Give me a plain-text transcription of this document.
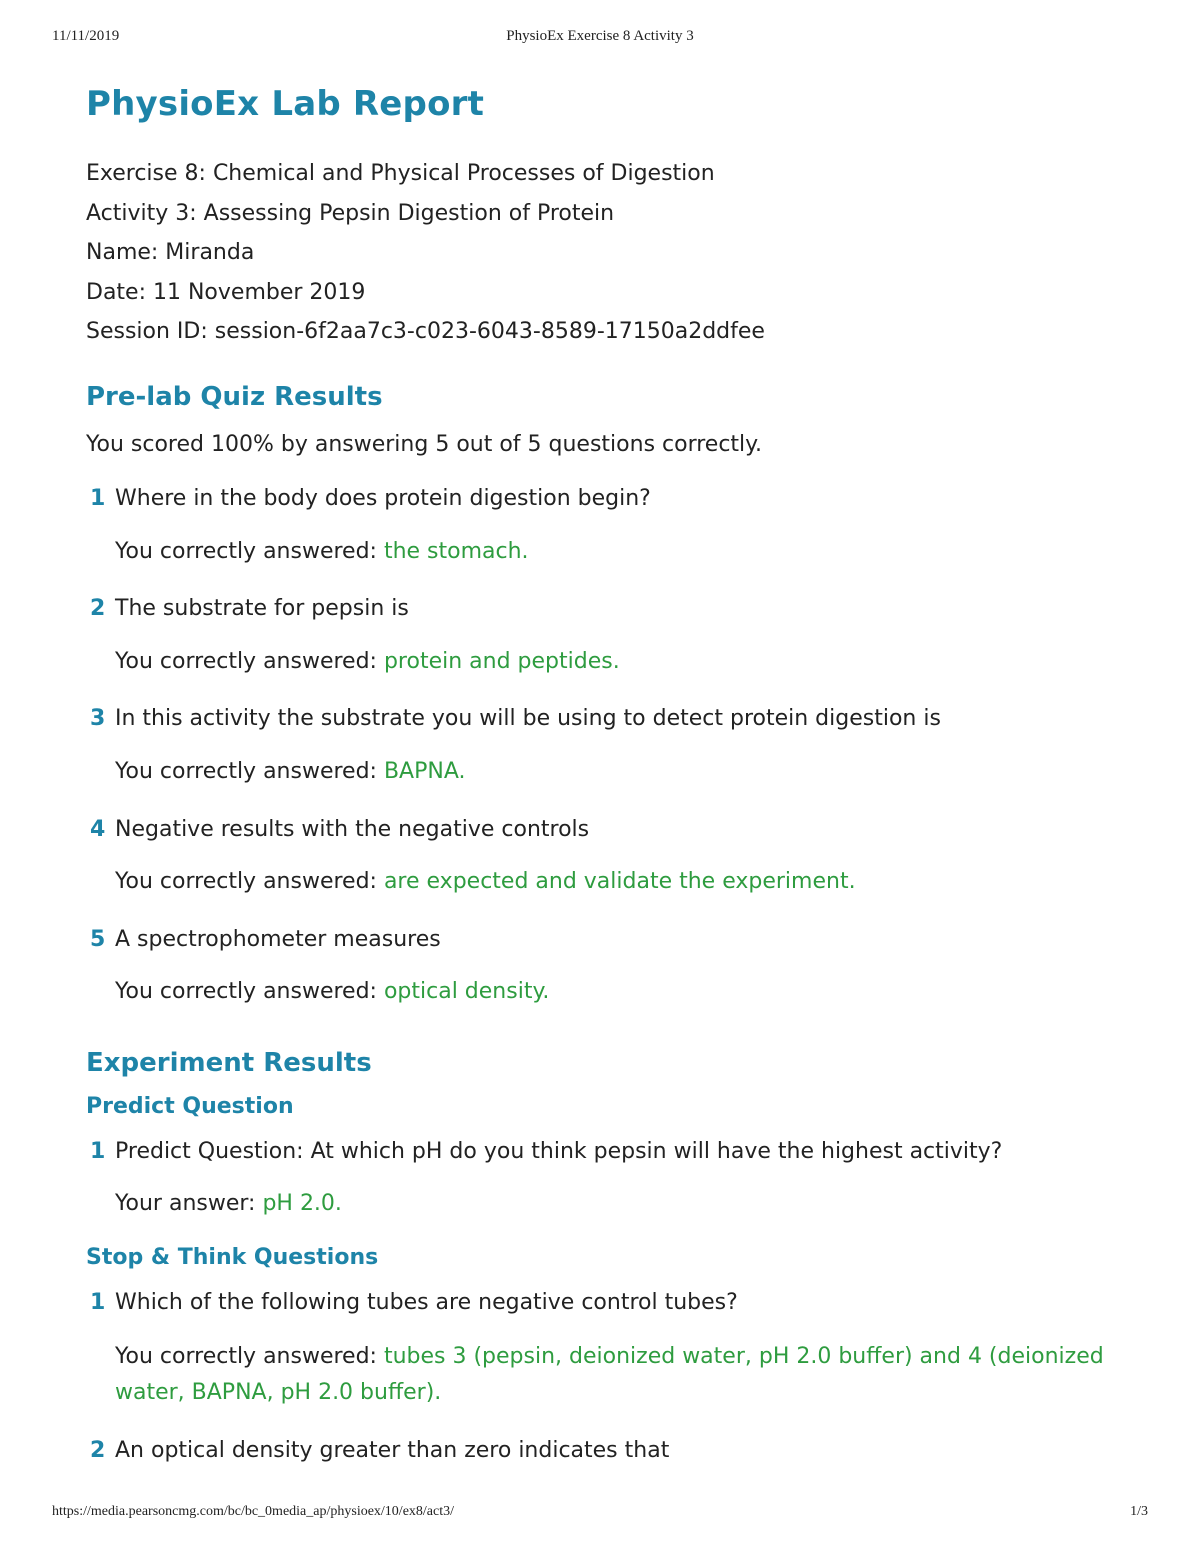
11/11/2019	PhysioEx Exercise 8 Activity 3
PhysioEx Lab Report
Exercise 8: Chemical and Physical Processes of Digestion
Activity 3: Assessing Pepsin Digestion of Protein
Name: Miranda
Date: 11 November 2019
Session ID: session-6f2aa7c3-c023-6043-8589-17150a2ddfee
Pre-lab Quiz Results
You scored 100% by answering 5 out of 5 questions correctly.
1 Where in the body does protein digestion begin?
You correctly answered: the stomach.
2 The substrate for pepsin is
You correctly answered: protein and peptides.
3 In this activity the substrate you will be using to detect protein digestion is
You correctly answered: BAPNA.
4 Negative results with the negative controls
You correctly answered: are expected and validate the experiment.
5 A spectrophometer measures
You correctly answered: optical density.
Experiment Results
Predict Question
1 Predict Question: At which pH do you think pepsin will have the highest activity?
Your answer: pH 2.0.
Stop & Think Questions
1 Which of the following tubes are negative control tubes?
You correctly answered: tubes 3 (pepsin, deionized water, pH 2.0 buffer) and 4 (deionized water, BAPNA, pH 2.0 buffer).
2 An optical density greater than zero indicates that
https://media.pearsoncmg.com/bc/bc_0media_ap/physioex/10/ex8/act3/	1/3
